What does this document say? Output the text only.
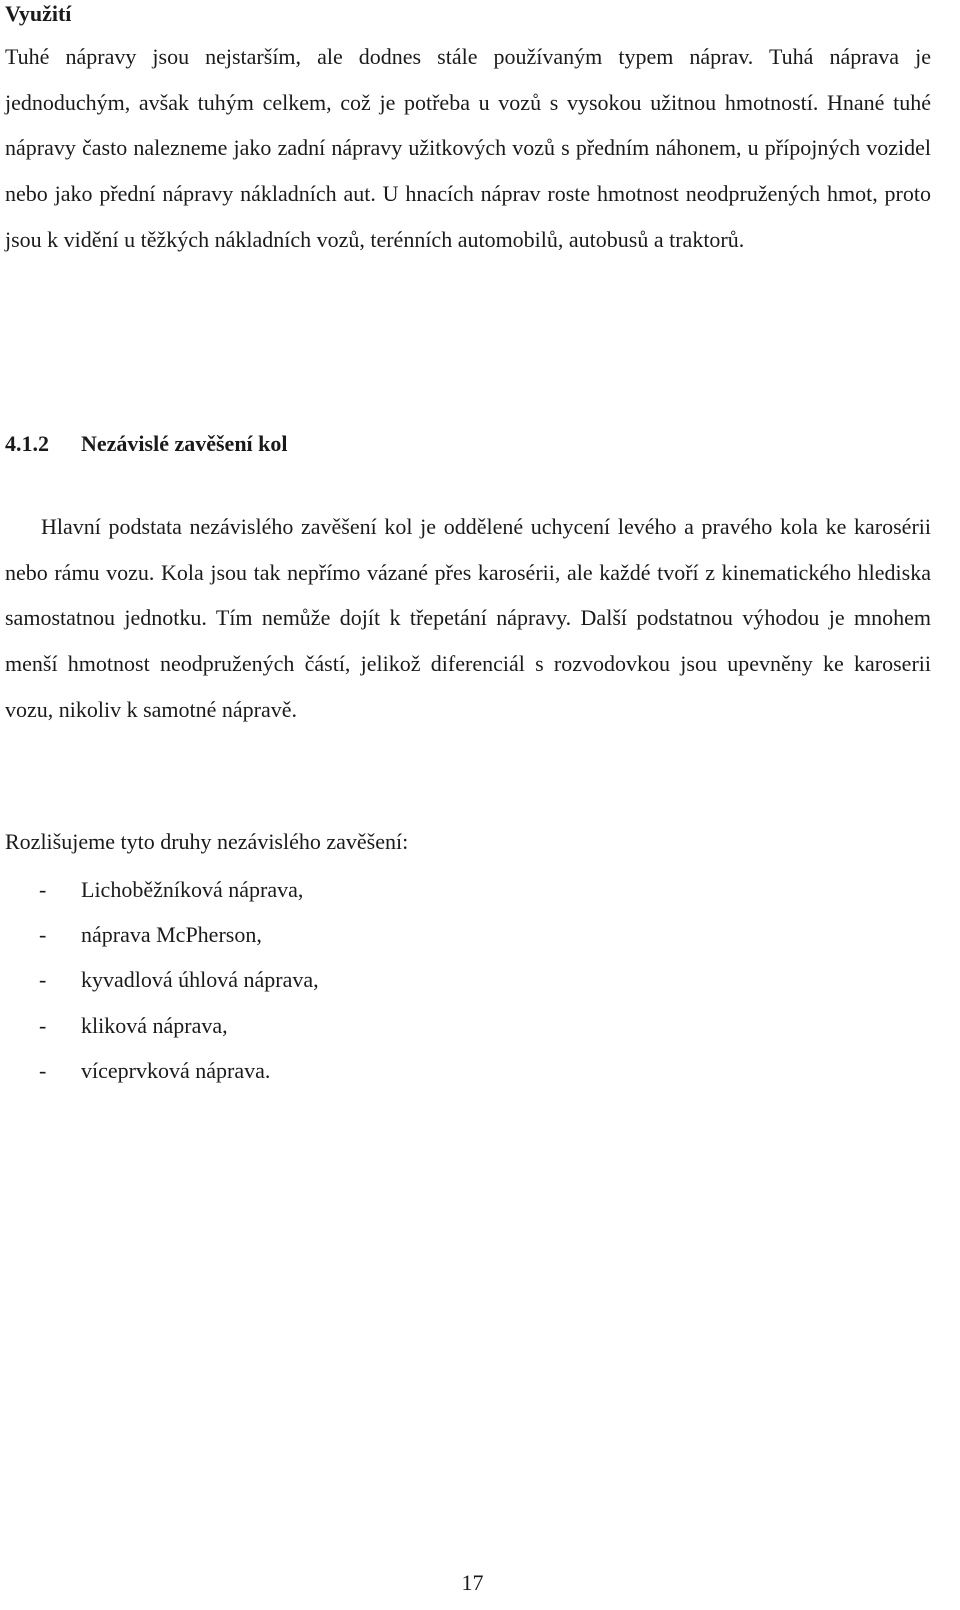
Využití

Tuhé nápravy jsou nejstarším, ale dodnes stále používaným typem náprav. Tuhá náprava je jednoduchým, avšak tuhým celkem, což je potřeba u vozů s vysokou užitnou hmotností. Hnané tuhé nápravy často nalezneme jako zadní nápravy užitkových vozů s předním náhonem, u přípojných vozidel nebo jako přední nápravy nákladních aut. U hnacích náprav roste hmotnost neodpružených hmot, proto jsou k vidění u těžkých nákladních vozů, terénních automobilů, autobusů a traktorů.

4.1.2 Nezávislé zavěšení kol

Hlavní podstata nezávislého zavěšení kol je oddělené uchycení levého a pravého kola ke karosérii nebo rámu vozu. Kola jsou tak nepřímo vázané přes karosérii, ale každé tvoří z kinematického hlediska samostatnou jednotku. Tím nemůže dojít k třepetání nápravy. Další podstatnou výhodou je mnohem menší hmotnost neodpružených částí, jelikož diferenciál s rozvodovkou jsou upevněny ke karoserii vozu, nikoliv k samotné nápravě.

Rozlišujeme tyto druhy nezávislého zavěšení:
- Lichoběžníková náprava,
- náprava McPherson,
- kyvadlová úhlová náprava,
- kliková náprava,
- víceprvková náprava.
17
